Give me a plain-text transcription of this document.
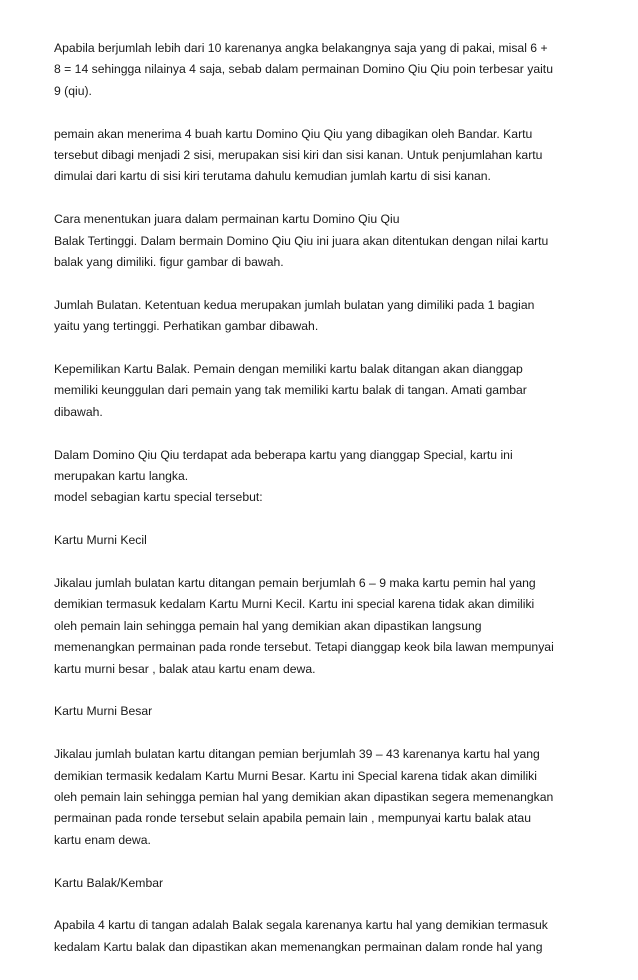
Apabila berjumlah lebih dari 10 karenanya angka belakangnya saja yang di pakai, misal 6 +
8 = 14 sehingga nilainya 4 saja, sebab dalam permainan Domino Qiu Qiu poin terbesar yaitu
9 (qiu).

pemain akan menerima 4 buah kartu Domino Qiu Qiu yang dibagikan oleh Bandar. Kartu
tersebut dibagi menjadi 2 sisi, merupakan sisi kiri dan sisi kanan. Untuk penjumlahan kartu
dimulai dari kartu di sisi kiri terutama dahulu kemudian jumlah kartu di sisi kanan.

Cara menentukan juara dalam permainan kartu Domino Qiu Qiu
Balak Tertinggi. Dalam bermain Domino Qiu Qiu ini juara akan ditentukan dengan nilai kartu
balak yang dimiliki. figur gambar di bawah.

Jumlah Bulatan. Ketentuan kedua merupakan jumlah bulatan yang dimiliki pada 1 bagian
yaitu yang tertinggi. Perhatikan gambar dibawah.

Kepemilikan Kartu Balak. Pemain dengan memiliki kartu balak ditangan akan dianggap
memiliki keunggulan dari pemain yang tak memiliki kartu balak di tangan. Amati gambar
dibawah.

Dalam Domino Qiu Qiu terdapat ada beberapa kartu yang dianggap Special, kartu ini
merupakan kartu langka.
model sebagian kartu special tersebut:

Kartu Murni Kecil

Jikalau jumlah bulatan kartu ditangan pemain berjumlah 6 – 9 maka kartu pemin hal yang
demikian termasuk kedalam Kartu Murni Kecil. Kartu ini special karena tidak akan dimiliki
oleh pemain lain sehingga pemain hal yang demikian akan dipastikan langsung
memenangkan permainan pada ronde tersebut. Tetapi dianggap keok bila lawan mempunyai
kartu murni besar , balak atau kartu enam dewa.

Kartu Murni Besar

Jikalau jumlah bulatan kartu ditangan pemian berjumlah 39 – 43 karenanya kartu hal yang
demikian termasik kedalam Kartu Murni Besar. Kartu ini Special karena tidak akan dimiliki
oleh pemain lain sehingga pemian hal yang demikian akan dipastikan segera memenangkan
permainan pada ronde tersebut selain apabila pemain lain , mempunyai kartu balak atau
kartu enam dewa.

Kartu Balak/Kembar

Apabila 4 kartu di tangan adalah Balak segala karenanya kartu hal yang demikian termasuk
kedalam Kartu balak dan dipastikan akan memenangkan permainan dalam ronde hal yang
